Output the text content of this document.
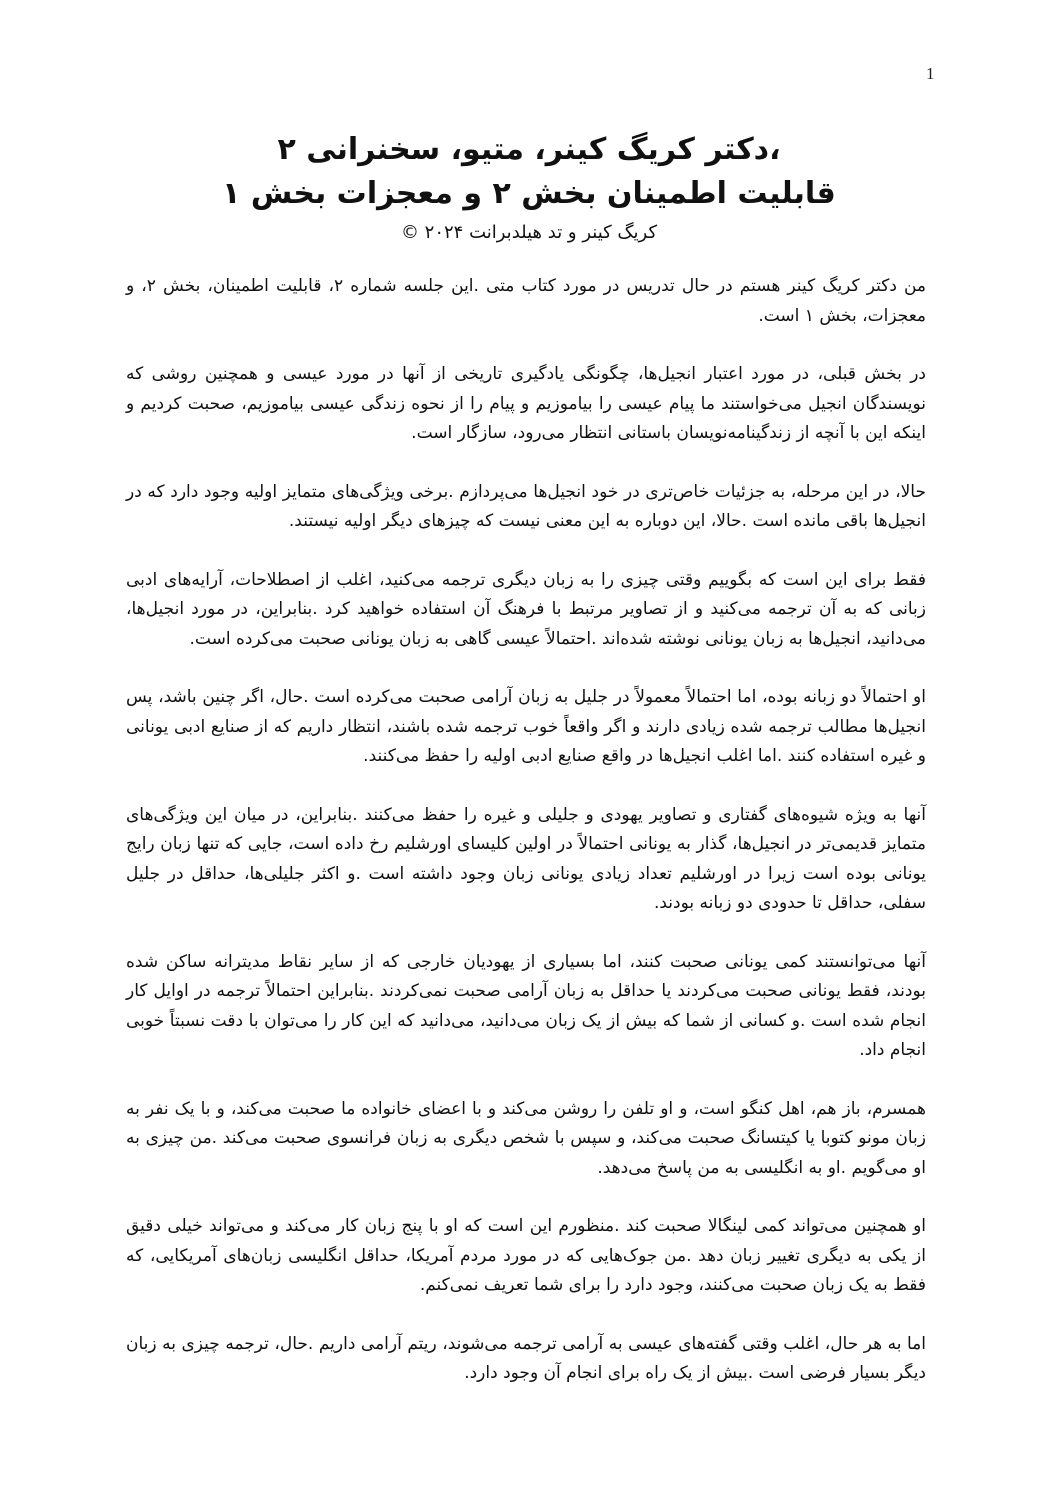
1

،دکتر کریگ کینر، متیو، سخنرانی ۲

قابلیت اطمینان بخش ۲ و معجزات بخش ۱

کریگ کینر و تد هیلدبرانت ۲۰۲۴ ©

من دکتر کریگ کینر هستم در حال تدریس در مورد کتاب متی .این جلسه شماره ۲، قابلیت اطمینان، بخش ۲، و معجزات، بخش ۱ است.

در بخش قبلی، در مورد اعتبار انجیل‌ها، چگونگی یادگیری تاریخی از آنها در مورد عیسی و همچنین روشی که نویسندگان انجیل می‌خواستند ما پیام عیسی را بیاموزیم و پیام را از نحوه زندگی عیسی بیاموزیم، صحبت کردیم و اینکه این با آنچه از زندگینامه‌نویسان باستانی انتظار می‌رود، سازگار است.

حالا، در این مرحله، به جزئیات خاص‌تری در خود انجیل‌ها می‌پردازم .برخی ویژگی‌های متمایز اولیه وجود دارد که در انجیل‌ها باقی مانده است .حالا، این دوباره به این معنی نیست که چیزهای دیگر اولیه نیستند.

فقط برای این است که بگوییم وقتی چیزی را به زبان دیگری ترجمه می‌کنید، اغلب از اصطلاحات، آرایه‌های ادبی زبانی که به آن ترجمه می‌کنید و از تصاویر مرتبط با فرهنگ آن استفاده خواهید کرد .بنابراین، در مورد انجیل‌ها، می‌دانید، انجیل‌ها به زبان یونانی نوشته شده‌اند .احتمالاً عیسی گاهی به زبان یونانی صحبت می‌کرده است.

او احتمالاً دو زبانه بوده، اما احتمالاً معمولاً در جلیل به زبان آرامی صحبت می‌کرده است .حال، اگر چنین باشد، پس انجیل‌ها مطالب ترجمه شده زیادی دارند و اگر واقعاً خوب ترجمه شده باشند، انتظار داریم که از صنایع ادبی یونانی و غیره استفاده کنند .اما اغلب انجیل‌ها در واقع صنایع ادبی اولیه را حفظ می‌کنند.

آنها به ویژه شیوه‌های گفتاری و تصاویر یهودی و جلیلی و غیره را حفظ می‌کنند .بنابراین، در میان این ویژگی‌های متمایز قدیمی‌تر در انجیل‌ها، گذار به یونانی احتمالاً در اولین کلیسای اورشلیم رخ داده است، جایی که تنها زبان رایج یونانی بوده است زیرا در اورشلیم تعداد زیادی یونانی زبان وجود داشته است .و اکثر جلیلی‌ها، حداقل در جلیل سفلی، حداقل تا حدودی دو زبانه بودند.

آنها می‌توانستند کمی یونانی صحبت کنند، اما بسیاری از یهودیان خارجی که از سایر نقاط مدیترانه ساکن شده بودند، فقط یونانی صحبت می‌کردند یا حداقل به زبان آرامی صحبت نمی‌کردند .بنابراین احتمالاً ترجمه در اوایل کار انجام شده است .و کسانی از شما که بیش از یک زبان می‌دانید، می‌دانید که این کار را می‌توان با دقت نسبتاً خوبی انجام داد.

همسرم، باز هم، اهل کنگو است، و او تلفن را روشن می‌کند و با اعضای خانواده ما صحبت می‌کند، و با یک نفر به زبان مونو کتوبا یا کیتسانگ صحبت می‌کند، و سپس با شخص دیگری به زبان فرانسوی صحبت می‌کند .من چیزی به او می‌گویم .او به انگلیسی به من پاسخ می‌دهد.

او همچنین می‌تواند کمی لینگالا صحبت کند .منظورم این است که او با پنج زبان کار می‌کند و می‌تواند خیلی دقیق از یکی به دیگری تغییر زبان دهد .من جوک‌هایی که در مورد مردم آمریکا، حداقل انگلیسی زبان‌های آمریکایی، که فقط به یک زبان صحبت می‌کنند، وجود دارد را برای شما تعریف نمی‌کنم.

اما به هر حال، اغلب وقتی گفته‌های عیسی به آرامی ترجمه می‌شوند، ریتم آرامی داریم .حال، ترجمه چیزی به زبان دیگر بسیار فرضی است .بیش از یک راه برای انجام آن وجود دارد.
